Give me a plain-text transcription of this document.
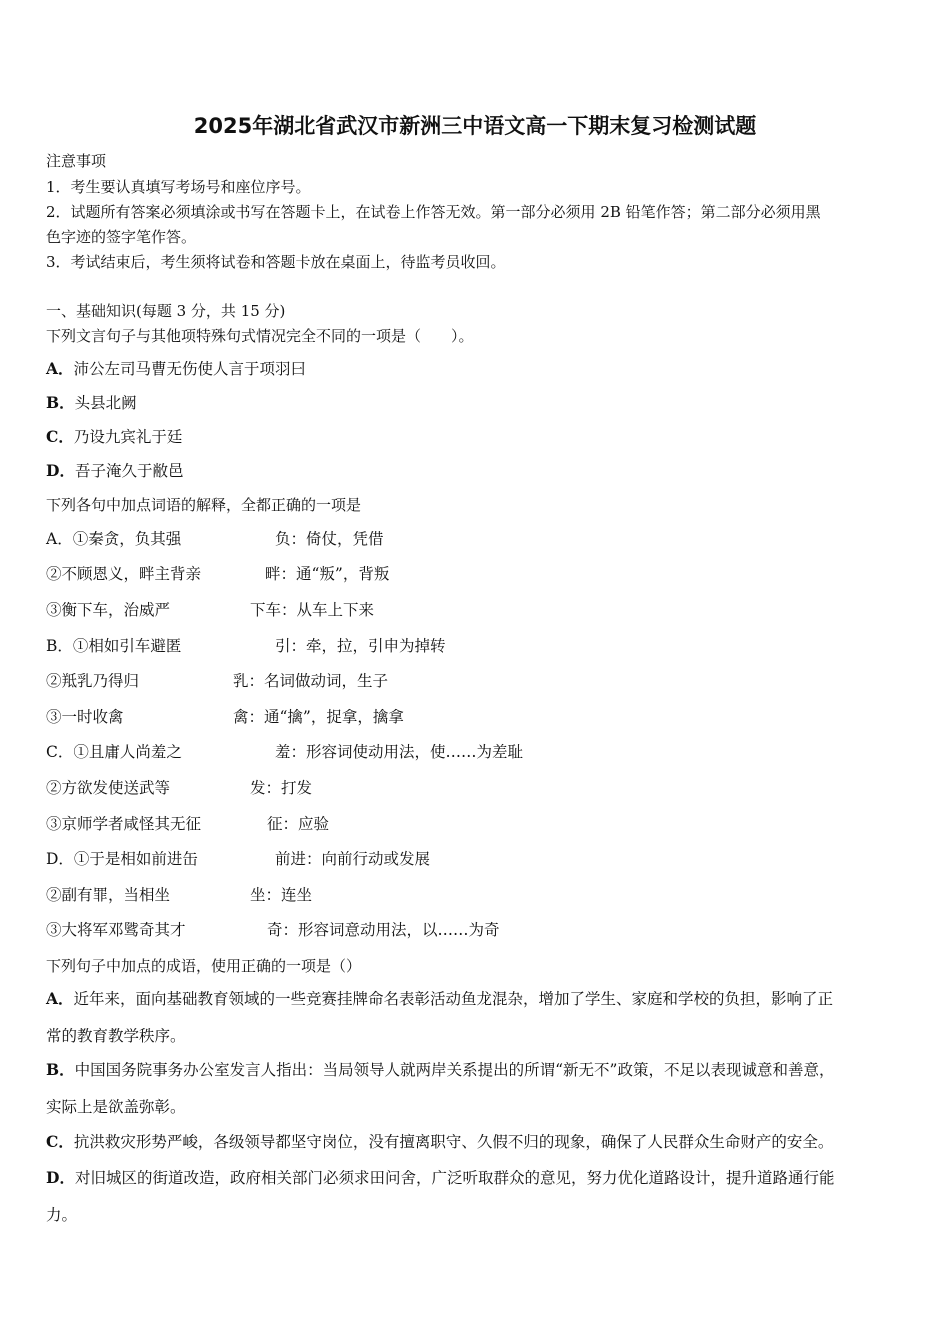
2025年湖北省武汉市新洲三中语文高一下期末复习检测试题
注意事项
1．考生要认真填写考场号和座位序号。
2．试题所有答案必须填涂或书写在答题卡上，在试卷上作答无效。第一部分必须用 2B 铅笔作答；第二部分必须用黑
色字迹的签字笔作答。
3．考试结束后，考生须将试卷和答题卡放在桌面上，待监考员收回。
一、基础知识(每题 3 分，共 15 分)
下列文言句子与其他项特殊句式情况完全不同的一项是（　　）。
A．沛公左司马曹无伤使人言于项羽曰
B．头县北阙
C．乃设九宾礼于廷
D．吾子淹久于敝邑
下列各句中加点词语的解释，全都正确的一项是
A．①秦贪，负其强	负：倚仗，凭借
②不顾恩义，畔主背亲	畔：通“叛”，背叛
③衡下车，治威严	下车：从车上下来
B．①相如引车避匿	引：牵，拉，引申为掉转
②羝乳乃得归	乳：名词做动词，生子
③一时收禽	禽：通“擒”，捉拿，擒拿
C．①且庸人尚羞之	羞：形容词使动用法，使……为差耻
②方欲发使送武等	发：打发
③京师学者咸怪其无征	征：应验
D．①于是相如前进缶	前进：向前行动或发展
②副有罪，当相坐	坐：连坐
③大将军邓骘奇其才	奇：形容词意动用法，以……为奇
下列句子中加点的成语，使用正确的一项是（）
A．近年来，面向基础教育领域的一些竞赛挂牌命名表彰活动鱼龙混杂，增加了学生、家庭和学校的负担，影响了正
常的教育教学秩序。
B．中国国务院事务办公室发言人指出：当局领导人就两岸关系提出的所谓“新无不”政策，不足以表现诚意和善意，
实际上是欲盖弥彰。
C．抗洪救灾形势严峻，各级领导都坚守岗位，没有擅离职守、久假不归的现象，确保了人民群众生命财产的安全。
D．对旧城区的街道改造，政府相关部门必须求田问舍，广泛听取群众的意见，努力优化道路设计，提升道路通行能
力。
